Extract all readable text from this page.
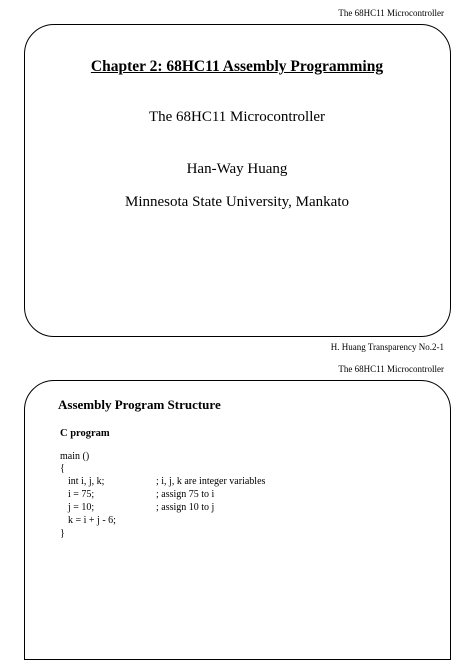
The 68HC11 Microcontroller
Chapter 2: 68HC11 Assembly Programming
The 68HC11 Microcontroller
Han-Way Huang
Minnesota State University, Mankato
H. Huang Transparency No.2-1
The 68HC11 Microcontroller
Assembly Program Structure
C program
main ()
{
int i, j, k;	; i, j, k are integer variables
i = 75;	; assign 75 to i
j = 10;	; assign 10 to j
k = i + j - 6;
}
